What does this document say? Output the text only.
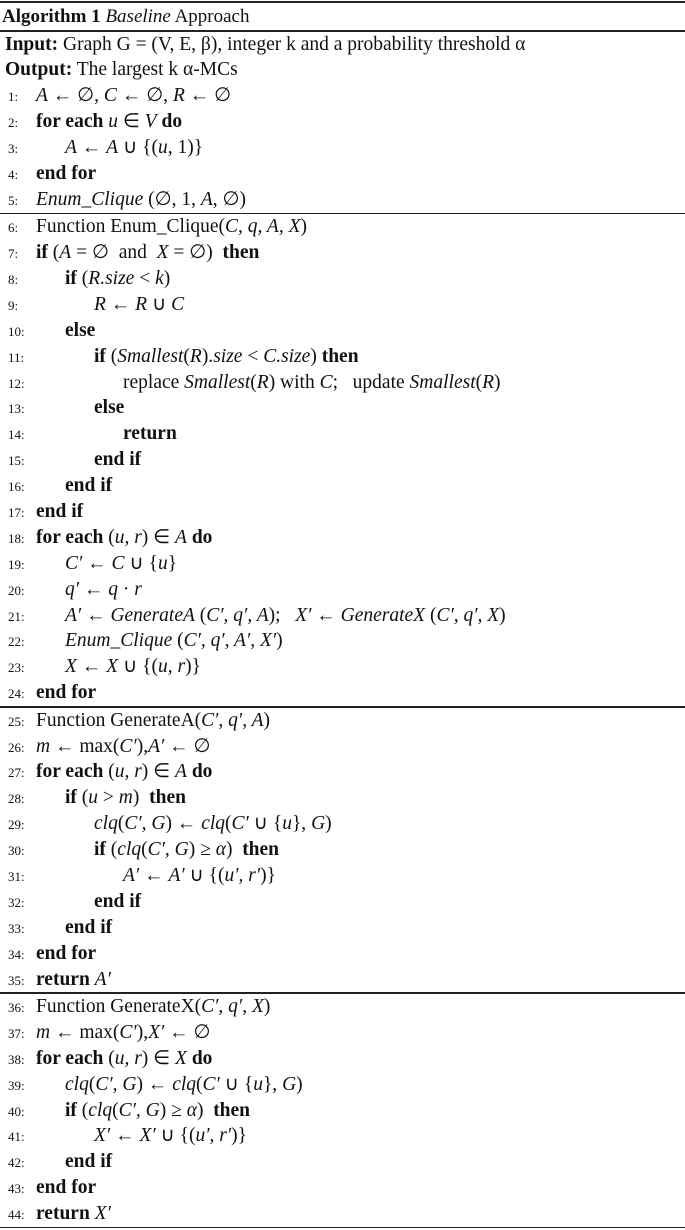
Algorithm 1 Baseline Approach
Input: Graph G = (V, E, β), integer k and a probability threshold α
Output: The largest k α-MCs
1: A ← ∅, C ← ∅, R ← ∅
2: for each u ∈ V do
3: A ← A ∪ {(u, 1)}
4: end for
5: Enum_Clique (∅, 1, A, ∅)
6: Function Enum_Clique(C, q, A, X)
7: if (A = ∅  and  X = ∅)  then
8: if (R.size < k)
9:	R ← R ∪ C
10: else
11:	if (Smallest(R).size < C.size) then
12:	replace Smallest(R) with C;   update Smallest(R)
13:	else
14:	return
15:	end if
16: end if
17: end if
18: for each (u, r) ∈ A do
19: C′ ← C ∪ {u}
20: q′ ← q · r
21: A′ ← GenerateA (C′, q′, A);   X′ ← GenerateX (C′, q′, X)
22: Enum_Clique (C′, q′, A′, X′)
23: X ← X ∪ {(u, r)}
24: end for
25: Function GenerateA(C′, q′, A)
26: m ← max(C′),A′ ← ∅
27: for each (u, r) ∈ A do
28: if (u > m)  then
29:	clq(C′, G) ← clq(C′ ∪ {u}, G)
30:	if (clq(C′, G) ≥ α)  then
31:	A′ ← A′ ∪ {(u′, r′)}
32:	end if
33: end if
34: end for
35: return A′
36: Function GenerateX(C′, q′, X)
37: m ← max(C′),X′ ← ∅
38: for each (u, r) ∈ X do
39: clq(C′, G) ← clq(C′ ∪ {u}, G)
40: if (clq(C′, G) ≥ α)  then
41:	X′ ← X′ ∪ {(u′, r′)}
42: end if
43: end for
44: return X′
